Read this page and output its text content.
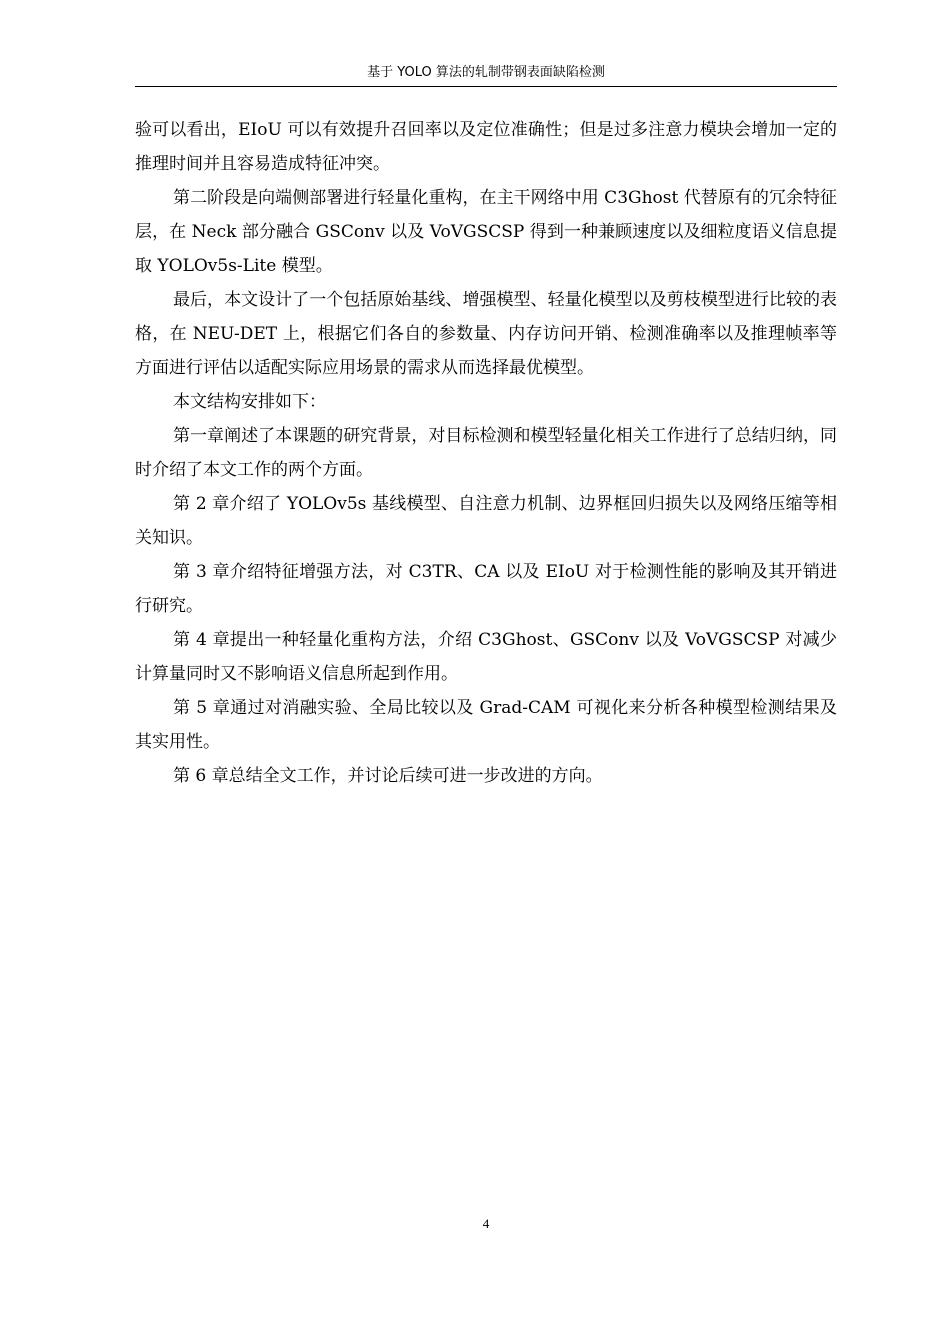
基于 YOLO 算法的轧制带钢表面缺陷检测

验可以看出，EIoU 可以有效提升召回率以及定位准确性；但是过多注意力模块会增加一定的推理时间并且容易造成特征冲突。

第二阶段是向端侧部署进行轻量化重构，在主干网络中用 C3Ghost 代替原有的冗余特征层，在 Neck 部分融合 GSConv 以及 VoVGSCSP 得到一种兼顾速度以及细粒度语义信息提取 YOLOv5s-Lite 模型。

最后，本文设计了一个包括原始基线、增强模型、轻量化模型以及剪枝模型进行比较的表格，在 NEU-DET 上，根据它们各自的参数量、内存访问开销、检测准确率以及推理帧率等方面进行评估以适配实际应用场景的需求从而选择最优模型。

本文结构安排如下：

第一章阐述了本课题的研究背景，对目标检测和模型轻量化相关工作进行了总结归纳，同时介绍了本文工作的两个方面。

第 2 章介绍了 YOLOv5s 基线模型、自注意力机制、边界框回归损失以及网络压缩等相关知识。

第 3 章介绍特征增强方法，对 C3TR、CA 以及 EIoU 对于检测性能的影响及其开销进行研究。

第 4 章提出一种轻量化重构方法，介绍 C3Ghost、GSConv 以及 VoVGSCSP 对减少计算量同时又不影响语义信息所起到作用。

第 5 章通过对消融实验、全局比较以及 Grad-CAM 可视化来分析各种模型检测结果及其实用性。

第 6 章总结全文工作，并讨论后续可进一步改进的方向。

4
